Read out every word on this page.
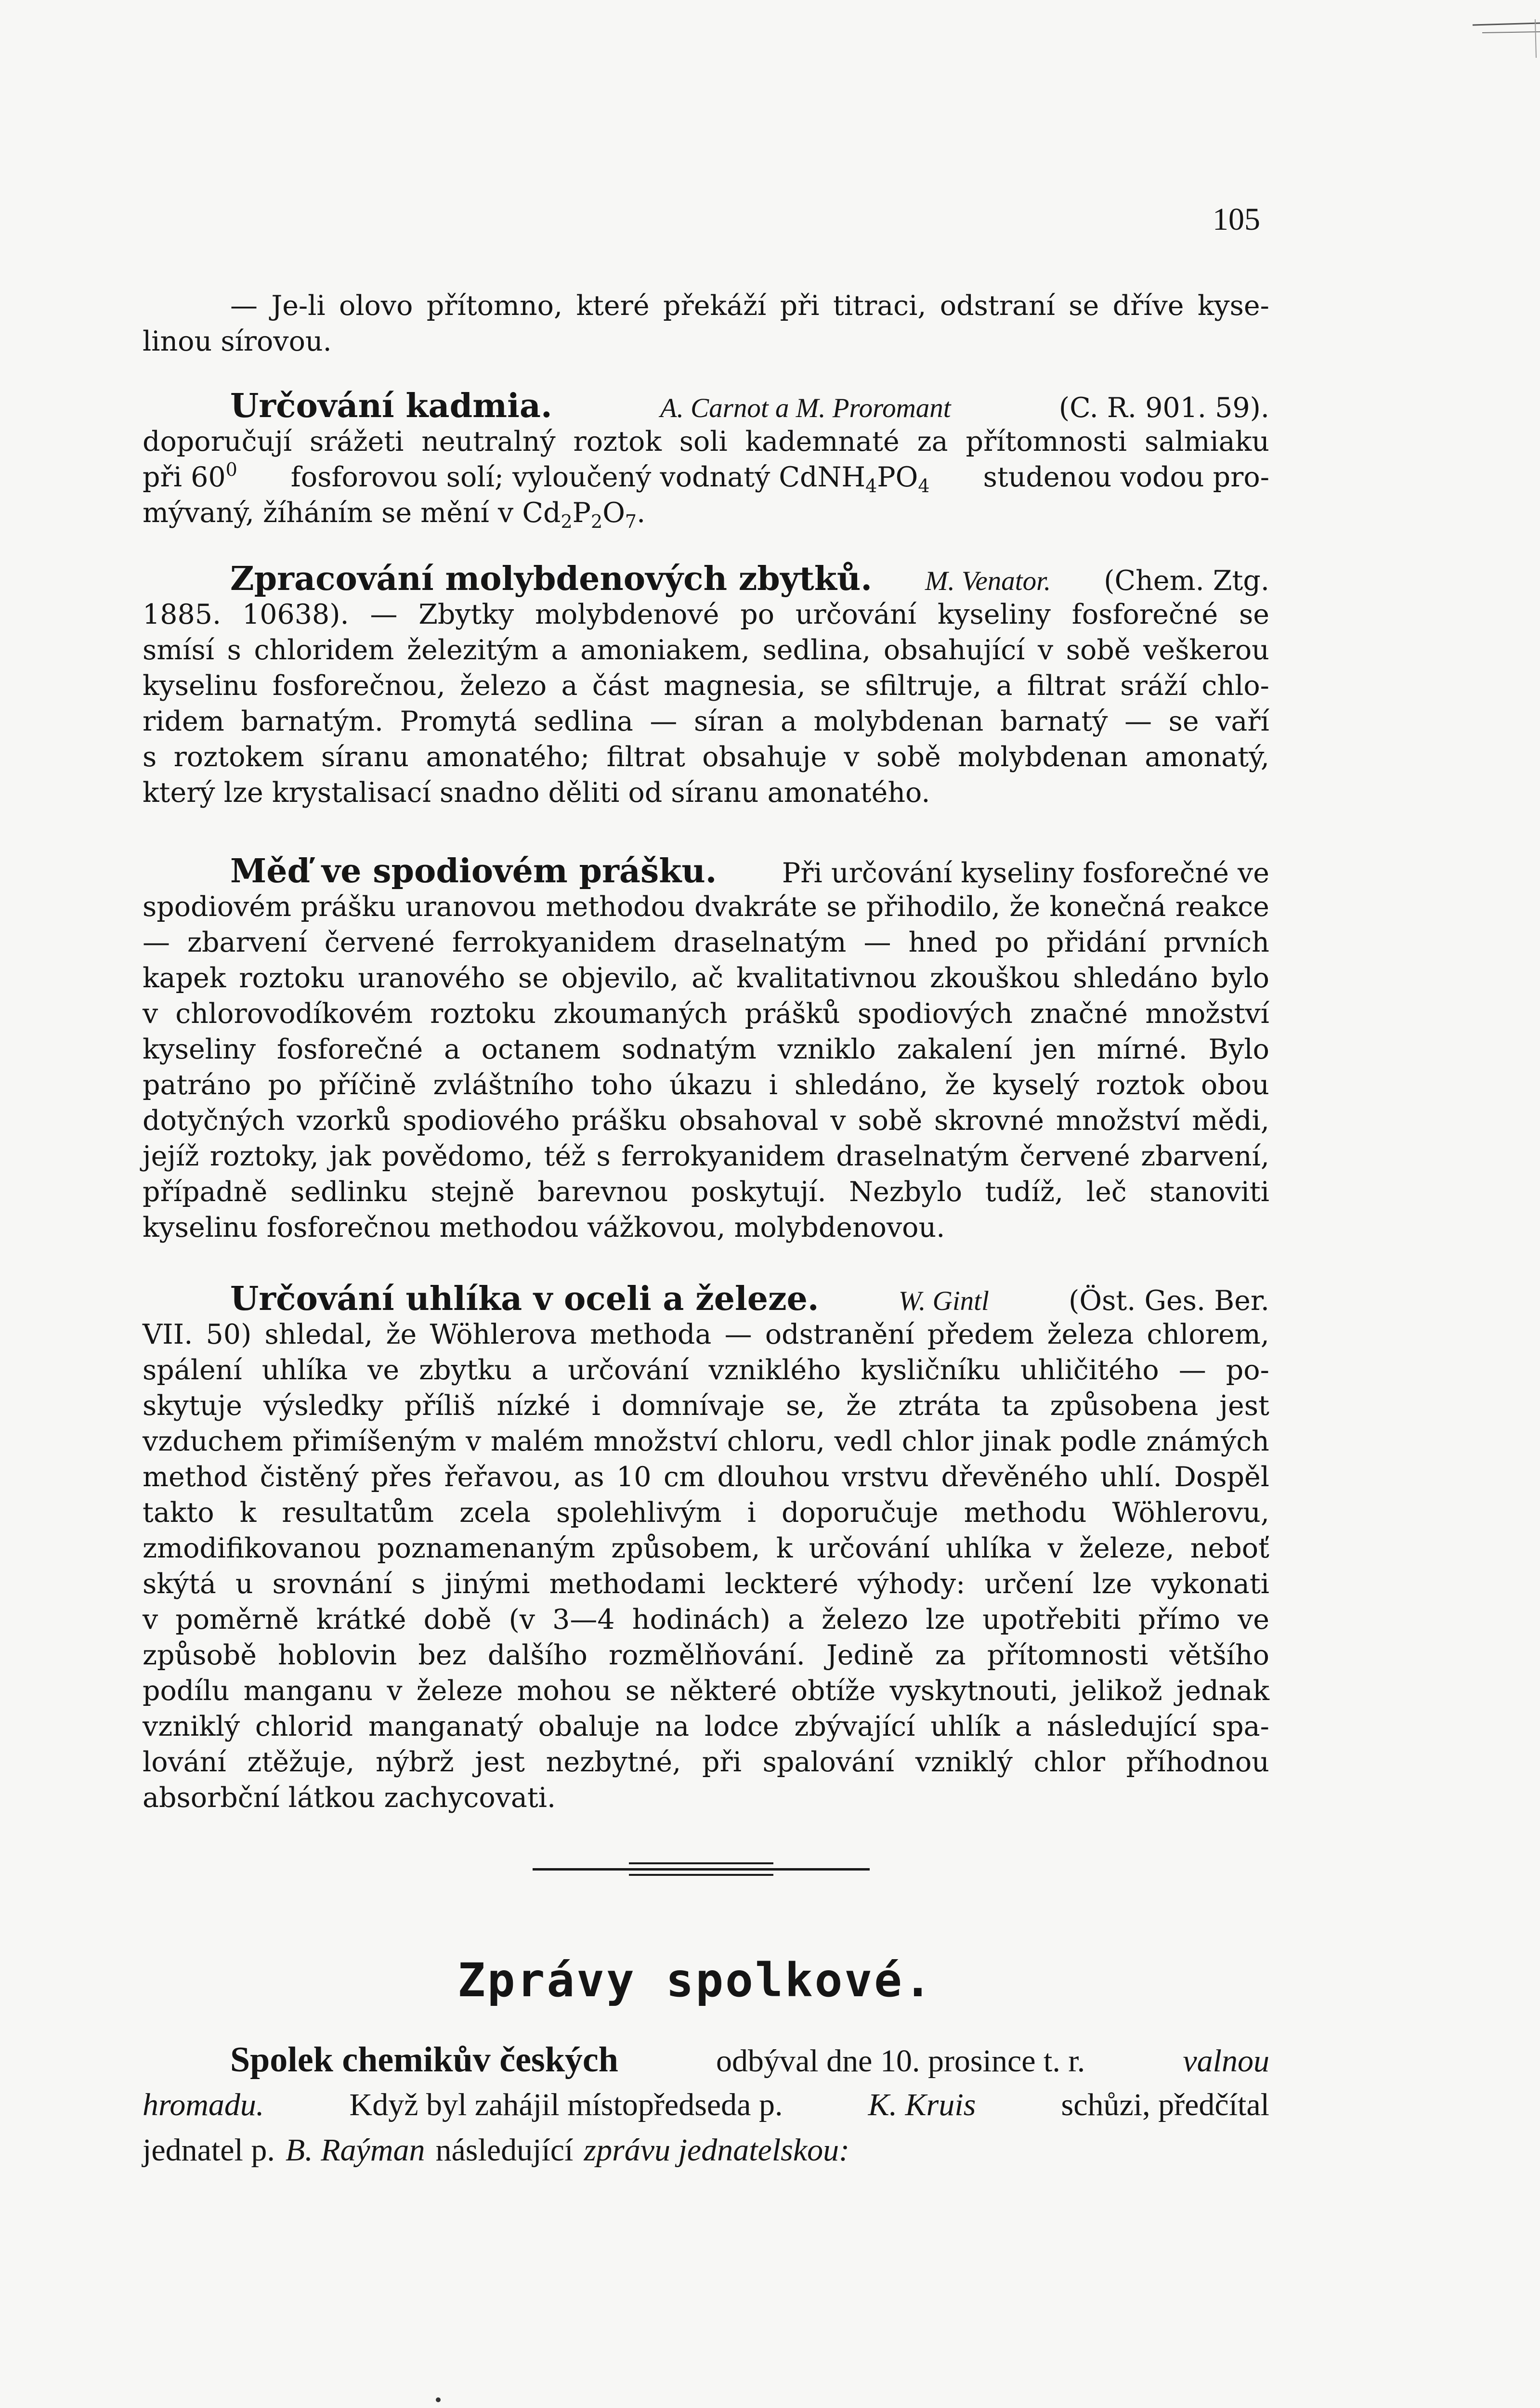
105
— Je-li olovo přítomno, které překáží při titraci, odstraní se dříve kyse-
linou sírovou.
Určování kadmia.	A. Carnot a M. Proromant	(C. R. 901. 59).
doporučují srážeti neutralný roztok soli kademnaté za přítomnosti salmiaku
při $60^0$ fosforovou solí; vyloučený vodnatý $CdNH_4PO_4$ studenou vodou pro-
mývaný, žíháním se mění v $Cd_2P_2O_7$.
Zpracování molybdenových zbytků. M. Venator. (Chem. Ztg.
1885. 10638). — Zbytky molybdenové po určování kyseliny fosforečné se
smísí s chloridem železitým a amoniakem, sedlina, obsahující v sobě veškerou
kyselinu fosforečnou, železo a část magnesia, se sfiltruje, a filtrat sráží chlo-
ridem barnatým. Promytá sedlina — síran a molybdenan barnatý — se vaří
s roztokem síranu amonatého; filtrat obsahuje v sobě molybdenan amonatý,
který lze krystalisací snadno děliti od síranu amonatého.
Měď ve spodiovém prášku. Při určování kyseliny fosforečné ve
spodiovém prášku uranovou methodou dvakráte se přihodilo, že konečná reakce
— zbarvení červené ferrokyanidem draselnatým — hned po přidání prvních
kapek roztoku uranového se objevilo, ač kvalitativnou zkouškou shledáno bylo
v chlorovodíkovém roztoku zkoumaných prášků spodiových značné množství
kyseliny fosforečné a octanem sodnatým vzniklo zakalení jen mírné. Bylo
patráno po příčině zvláštního toho úkazu i shledáno, že kyselý roztok obou
dotyčných vzorků spodiového prášku obsahoval v sobě skrovné množství mědi,
jejíž roztoky, jak povědomo, též s ferrokyanidem draselnatým červené zbarvení,
případně sedlinku stejně barevnou poskytují. Nezbylo tudíž, leč stanoviti
kyselinu fosforečnou methodou vážkovou, molybdenovou.
Určování uhlíka v oceli a železe.	W. Gintl	(Öst. Ges. Ber.
VII. 50) shledal, že Wöhlerova methoda — odstranění předem železa chlorem,
spálení uhlíka ve zbytku a určování vzniklého kysličníku uhličitého — po-
skytuje výsledky příliš nízké i domnívaje se, že ztráta ta způsobena jest
vzduchem přimíšeným v malém množství chloru, vedl chlor jinak podle známých
method čistěný přes řeřavou, as 10 cm dlouhou vrstvu dřevěného uhlí. Dospěl
takto k resultatům zcela spolehlivým i doporučuje methodu Wöhlerovu,
zmodifikovanou poznamenaným způsobem, k určování uhlíka v železe, neboť
skýtá u srovnání s jinými methodami leckteré výhody: určení lze vykonati
v poměrně krátké době (v 3—4 hodinách) a železo lze upotřebiti přímo ve
způsobě hoblovin bez dalšího rozmělňování. Jedině za přítomnosti většího
podílu manganu v železe mohou se některé obtíže vyskytnouti, jelikož jednak
vzniklý chlorid manganatý obaluje na lodce zbývající uhlík a následující spa-
lování ztěžuje, nýbrž jest nezbytné, při spalování vzniklý chlor příhodnou
absorbční látkou zachycovati.
Zprávy spolkové.
Spolek chemikův českých	odbýval dne 10. prosince t. r.	valnou
hromadu.	Když byl zahájil místopředseda p.	K. Kruis	schůzi, předčítal
jednatel p. B. Raýman následující zprávu jednatelskou:
